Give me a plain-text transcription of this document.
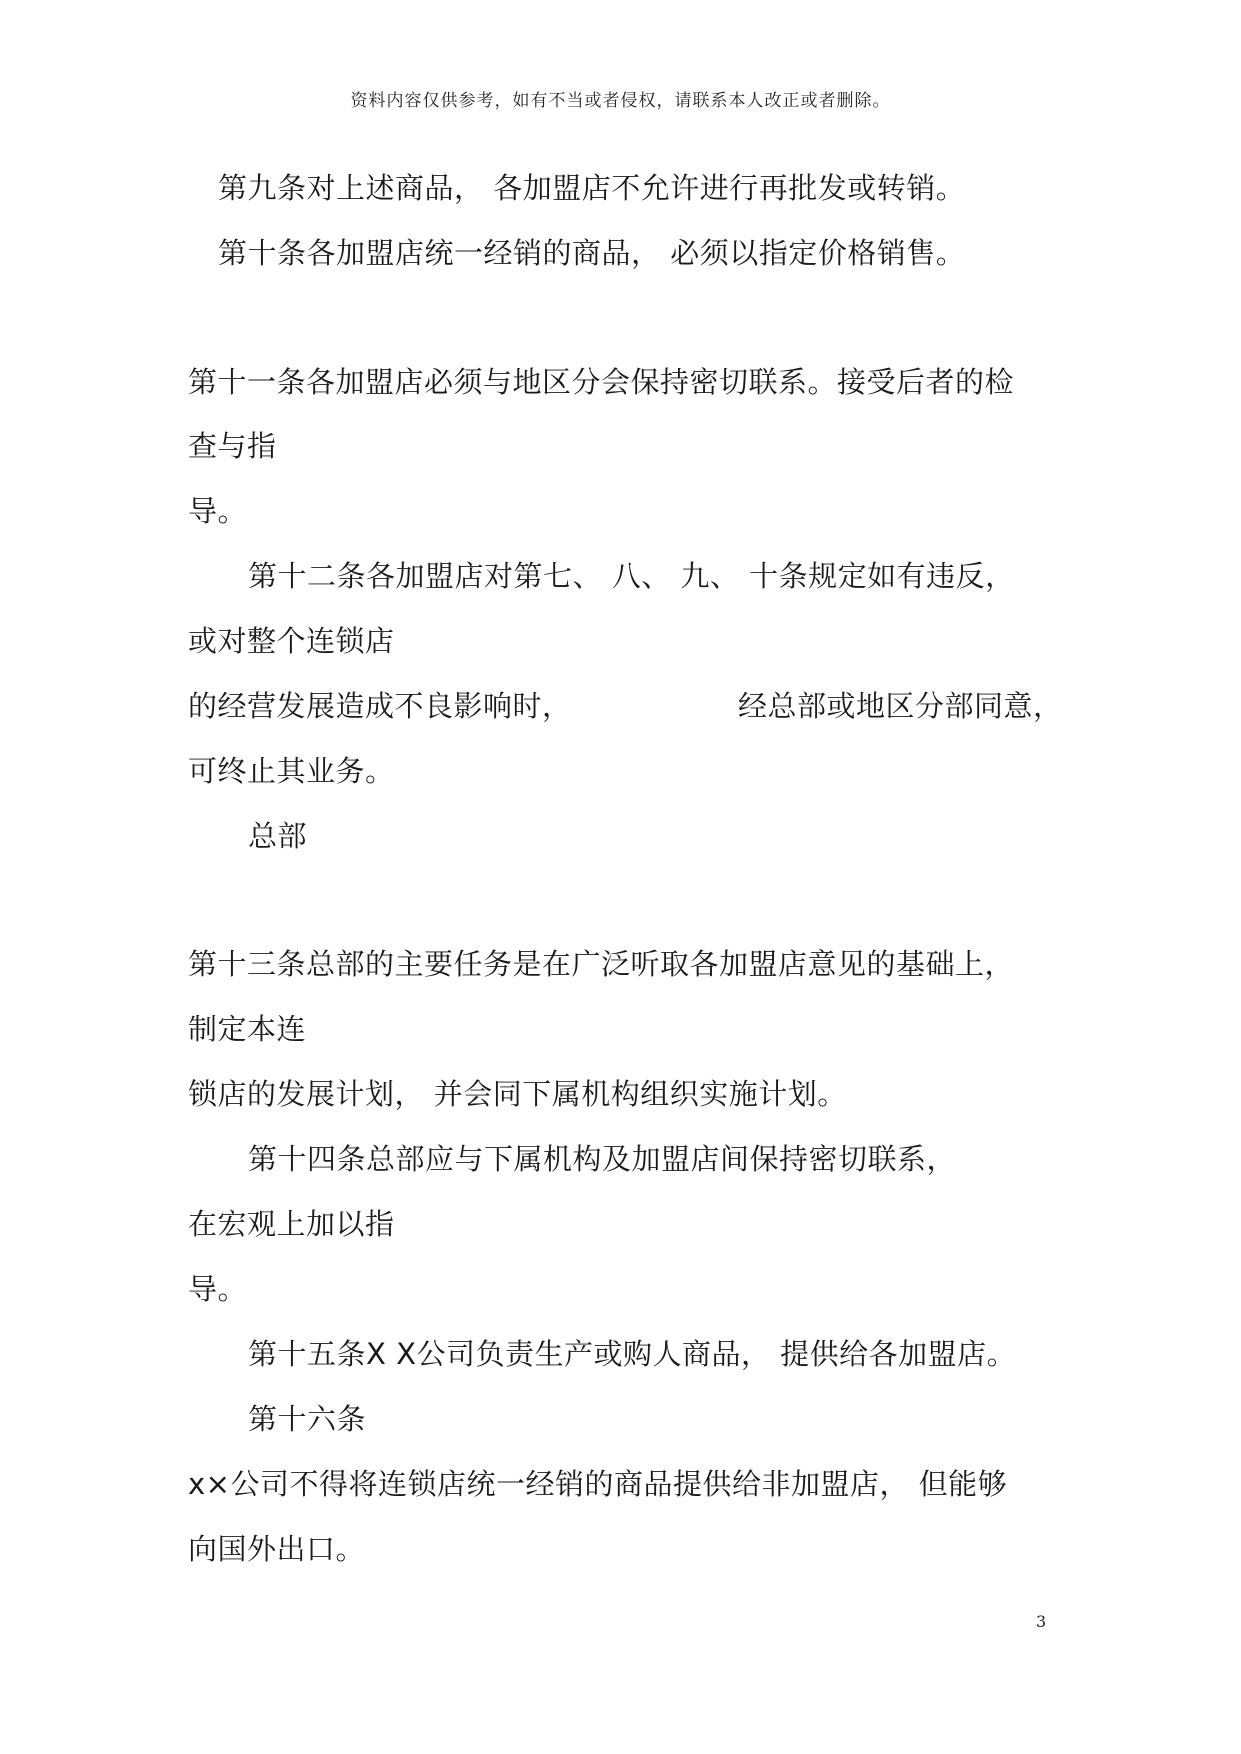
资料内容仅供参考，如有不当或者侵权，请联系本人改正或者删除。
第九条对上述商品， 各加盟店不允许进行再批发或转销。
第十条各加盟店统一经销的商品， 必须以指定价格销售。
第十一条各加盟店必须与地区分会保持密切联系。接受后者的检
查与指
导。
第十二条各加盟店对第七、 八、 九、 十条规定如有违反，
或对整个连锁店
的经营发展造成不良影响时，	经总部或地区分部同意，
可终止其业务。
总部
第十三条总部的主要任务是在广泛听取各加盟店意见的基础上，
制定本连
锁店的发展计划， 并会同下属机构组织实施计划。
第十四条总部应与下属机构及加盟店间保持密切联系，
在宏观上加以指
导。
第十五条X X公司负责生产或购人商品， 提供给各加盟店。
第十六条
x×公司不得将连锁店统一经销的商品提供给非加盟店， 但能够
向国外出口。
3
